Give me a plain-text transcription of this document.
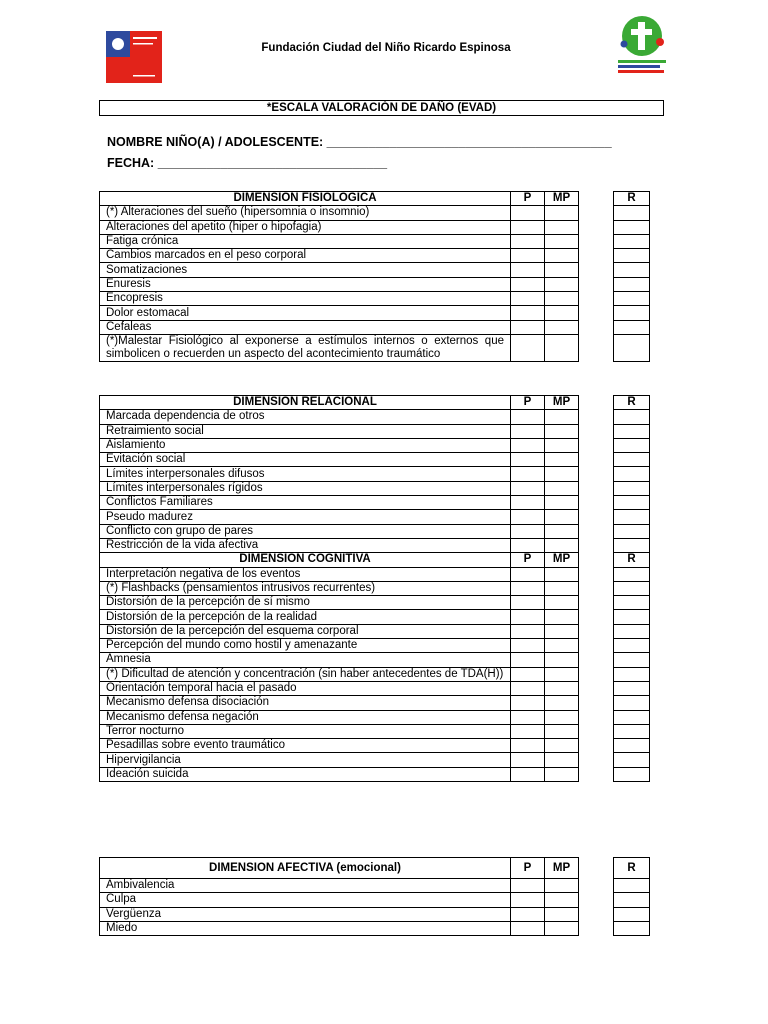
Fundación Ciudad del Niño Ricardo Espinosa
*ESCALA VALORACIÓN DE DAÑO (EVAD)
NOMBRE NIÑO(A) / ADOLESCENTE: _________________________________________
FECHA: _________________________________
DIMENSIÓN FISIOLÓGICA	P	MP		R
(*) Alteraciones del sueño (hipersomnia o insomnio)				
Alteraciones del apetito (hiper o hipofagia)				
Fatiga crónica				
Cambios marcados en el peso corporal				
Somatizaciones				
Enuresis				
Encopresis				
Dolor estomacal				
Cefaleas				
(*)Malestar Fisiológico al exponerse a estímulos internos o externos que simbolicen o recuerden un aspecto del acontecimiento traumático				
DIMENSIÓN RELACIONAL	P	MP		R
Marcada dependencia de otros				
Retraimiento social				
Aislamiento				
Evitación social				
Límites interpersonales difusos				
Límites interpersonales rígidos				
Conflictos Familiares				
Pseudo madurez				
Conflicto con grupo de pares				
Restricción de la vida afectiva				
DIMENSIÓN COGNITIVA	P	MP		R
Interpretación negativa de los eventos				
(*) Flashbacks (pensamientos intrusivos recurrentes)				
Distorsión de la percepción de sí mismo				
Distorsión de la percepción de la realidad				
Distorsión de la percepción del esquema corporal				
Percepción del mundo como hostil y amenazante				
Amnesia				
(*) Dificultad de atención y concentración (sin haber antecedentes de TDA(H))				
Orientación temporal hacia el pasado				
Mecanismo defensa disociación				
Mecanismo defensa negación				
Terror nocturno				
Pesadillas sobre evento traumático				
Hipervigilancia				
Ideación suicida				
DIMENSION AFECTIVA (emocional)	P	MP		R
Ambivalencia				
Culpa				
Vergüenza				
Miedo				
